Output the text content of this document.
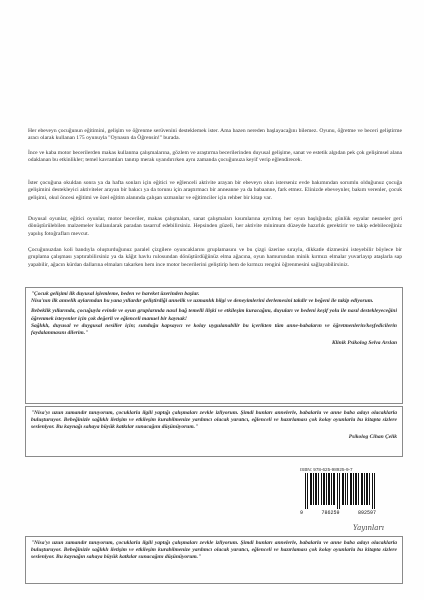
Her ebeveyn çocuğunun eğitimini, gelişim ve öğrenme serüvenini desteklemek ister. Ama bazen nereden başlayacağını bilemez. Oyunu, öğretme ve beceri geliştirme aracı olarak kullanan 175 oyunuyla "Oynasın da Öğrensin!" burada.

İnce ve kaba motor becerilerden makas kullanma çalışmalarına, gözlem ve araştırma becerilerinden duyusal gelişime, sanat ve estetik algıdan pek çok gelişimsel alana odaklanan bu etkinlikler; temel kavramları tanıtıp merak uyandırırken aynı zamanda çocuğunuza keyif verip eğlendirecek.

İster çocuğuna okuldan sonra ya da hafta sonları için eğitici ve eğlenceli aktivite arayan bir ebeveyn olun isterseniz evde bakımından sorumlu olduğunuz çocuğa gelişimini destekleyici aktiviteler arayan bir bakıcı ya da torunu için araştırmacı bir anneanne ya da babaanne, fark etmez. Elinizde ebeveynler, bakım verenler, çocuk gelişimi, okul öncesi eğitimi ve özel eğitim alanında çalışan uzmanlar ve eğitimciler için rehber bir kitap var.

Duyusal oyunlar, eğitici oyunlar, motor beceriler, makas çalışmaları, sanat çalışmaları kısımlarına ayrılmış her oyun başlığında; günlük eşyalar nesneler geri dönüştürülebilen malzemeler kullanılarak paradan tasarruf edebilirsiniz. Hepsinden güzeli, her aktivite minimum düzeyde hazırlık gerektirir ve takip edebileceğiniz yapılış fotoğrafları mevcut.

Çocuğunuzdan koli bandıyla oluşturduğunuz paralel çizgilere oyuncaklarını gruplamasını ve bu çizgi üzerine sırayla, dikkatle dizmesini isteyebilir böylece bir gruplama çalışması yaptırabilirsiniz ya da kâğıt havlu rulosundan dönüştürdüğünüz elma ağacına, oyun hamurundan minik kırmızı elmalar yuvarlayıp ataşlarla sap yapabilir, ağacın kürdan dallarına elmaları takarken hem ince motor becerilerini geliştirip hem de kırmızı rengini öğrenmesini sağlayabilirsiniz.

"Çocuk gelişimi ilk duyusal işlemleme, beden ve hareket üzerinden başlar.

Nisa'nın ilk annelik aylarından bu yana yıllardır geliştirdiği annelik ve uzmanlık bilgi ve deneyimlerini derlemesini takdir ve beğeni ile takip ediyorum.

Bebeklik yıllarında, çocuğuyla evinde ve oyun gruplarında nasıl bağ temelli ilişki ve etkileşim kuracağını, duyuları ve bedeni keşif yolu ile nasıl destekleyeceğini öğrenmek isteyenler için çok değerli ve eğlenceli manuel bir kaynak!

Sağlıklı, duyusal ve duygusal nesiller için; sunduğu kapsayıcı ve kolay uygulanabilir bu içerikten tüm anne-babaların ve öğretmenlerin/keşfedicilerin faydalanmasını dilerim."

Klinik Psikolog Selva Arslan

"Nisa'yı uzun zamandır tanıyorum, çocuklarla ilgili yaptığı çalışmaları zevkle izliyorum. Şimdi bunları annelerle, babalarla ve anne baba adayı olacaklarla buluşturuyor. Bebeğinizle sağlıklı iletişim ve etkileşim kurabilmenize yardımcı olacak yaratıcı, eğlenceli ve hazırlaması çok kolay oyunlarla bu kitapta sizlere sesleniyor. Bu kaynağı sahaya büyük katkılar sunacağını düşünüyorum."

Psikolog Cihan Çelik

ISBN: 978-625-98925-9-7
9	786259	892597
Yayınları

"Nisa'yı uzun zamandır tanıyorum, çocuklarla ilgili yaptığı çalışmaları zevkle izliyorum. Şimdi bunları annelerle, babalarla ve anne baba adayı olacaklarla buluşturuyor. Bebeğinizle sağlıklı iletişim ve etkileşim kurabilmenize yardımcı olacak yaratıcı, eğlenceli ve hazırlaması çok kolay oyunlarla bu kitapta sizlere sesleniyor. Bu kaynağın sahaya büyük katkılar sunacağını düşünüyorum."
